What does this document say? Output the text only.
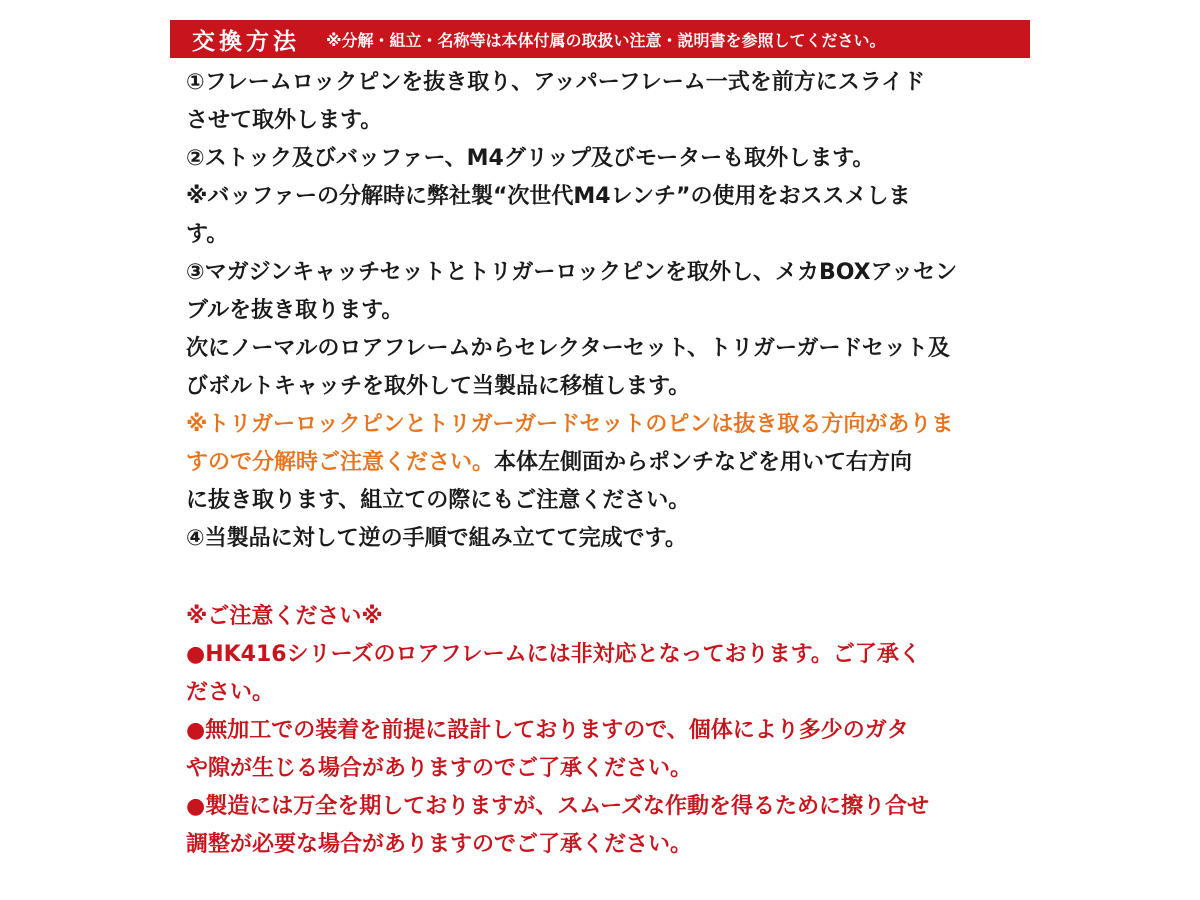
交換方法 ※分解・組立・名称等は本体付属の取扱い注意・説明書を参照してください。
①フレームロックピンを抜き取り、アッパーフレーム一式を前方にスライド
させて取外します。
②ストック及びバッファー、M4グリップ及びモーターも取外します。
※バッファーの分解時に弊社製“次世代M4レンチ”の使用をおススメしま
す。
③マガジンキャッチセットとトリガーロックピンを取外し、メカBOXアッセン
ブルを抜き取ります。
次にノーマルのロアフレームからセレクターセット、トリガーガードセット及
びボルトキャッチを取外して当製品に移植します。
※トリガーロックピンとトリガーガードセットのピンは抜き取る方向がありま
すので分解時ご注意ください。本体左側面からポンチなどを用いて右方向
に抜き取ります、組立ての際にもご注意ください。
④当製品に対して逆の手順で組み立てて完成です。
※ご注意ください※
●HK416シリーズのロアフレームには非対応となっております。ご了承く
ださい。
●無加工での装着を前提に設計しておりますので、個体により多少のガタ
や隙が生じる場合がありますのでご了承ください。
●製造には万全を期しておりますが、スムーズな作動を得るために擦り合せ
調整が必要な場合がありますのでご了承ください。
